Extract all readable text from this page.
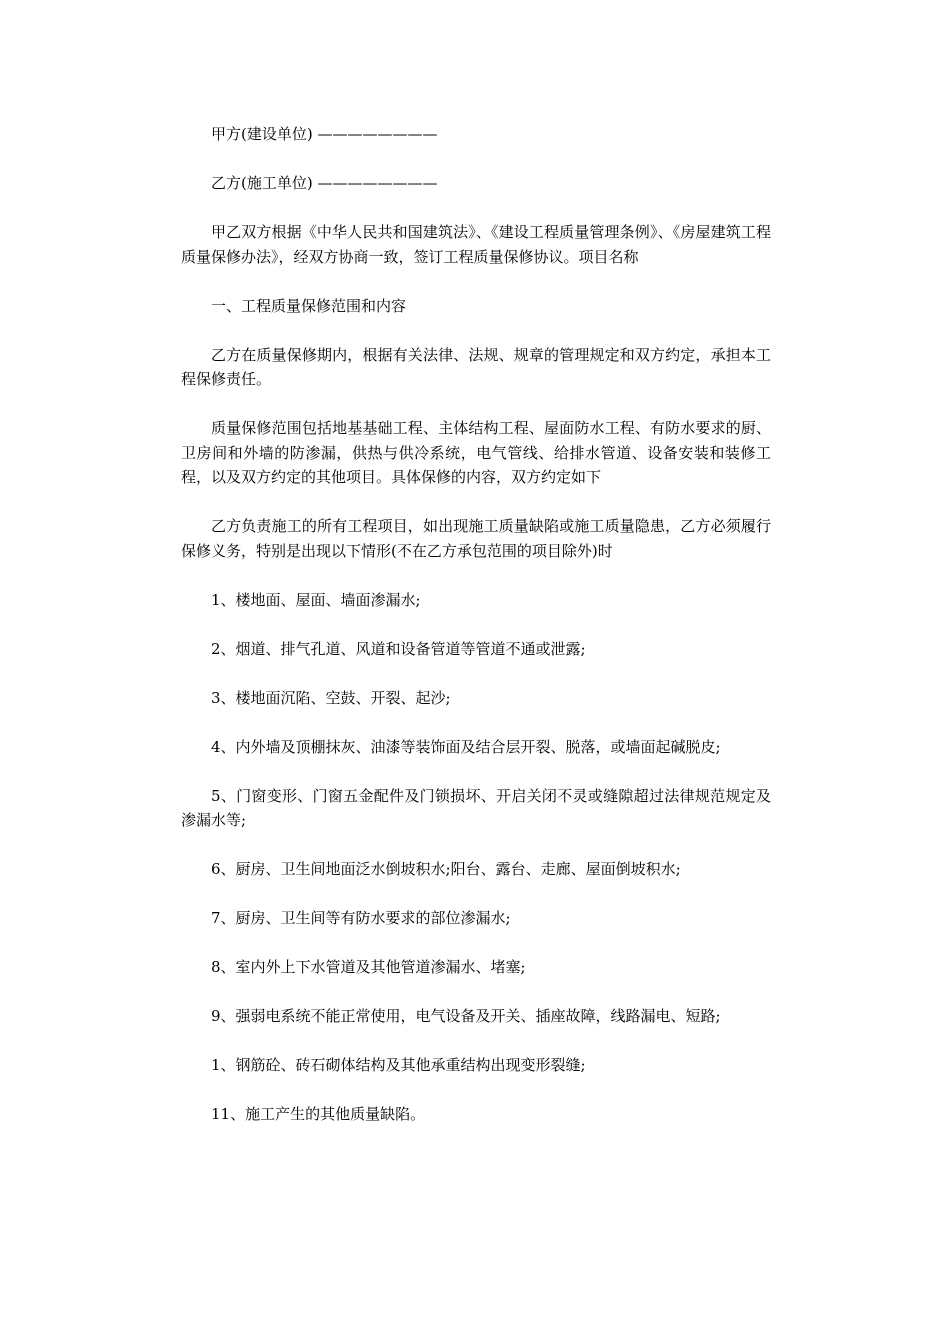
甲方(建设单位) ————————

乙方(施工单位) ————————

甲乙双方根据《中华人民共和国建筑法》、《建设工程质量管理条例》、《房屋建筑工程质量保修办法》，经双方协商一致，签订工程质量保修协议。项目名称

一、工程质量保修范围和内容

乙方在质量保修期内，根据有关法律、法规、规章的管理规定和双方约定，承担本工程保修责任。

质量保修范围包括地基基础工程、主体结构工程、屋面防水工程、有防水要求的厨、卫房间和外墙的防渗漏，供热与供冷系统，电气管线、给排水管道、设备安装和装修工程，以及双方约定的其他项目。具体保修的内容，双方约定如下

乙方负责施工的所有工程项目，如出现施工质量缺陷或施工质量隐患，乙方必须履行保修义务，特别是出现以下情形(不在乙方承包范围的项目除外)时

1、楼地面、屋面、墙面渗漏水;

2、烟道、排气孔道、风道和设备管道等管道不通或泄露;

3、楼地面沉陷、空鼓、开裂、起沙;

4、内外墙及顶棚抹灰、油漆等装饰面及结合层开裂、脱落，或墙面起碱脱皮;

5、门窗变形、门窗五金配件及门锁损坏、开启关闭不灵或缝隙超过法律规范规定及渗漏水等;

6、厨房、卫生间地面泛水倒坡积水;阳台、露台、走廊、屋面倒坡积水;

7、厨房、卫生间等有防水要求的部位渗漏水;

8、室内外上下水管道及其他管道渗漏水、堵塞;

9、强弱电系统不能正常使用，电气设备及开关、插座故障，线路漏电、短路;

1、钢筋砼、砖石砌体结构及其他承重结构出现变形裂缝;

11、施工产生的其他质量缺陷。
